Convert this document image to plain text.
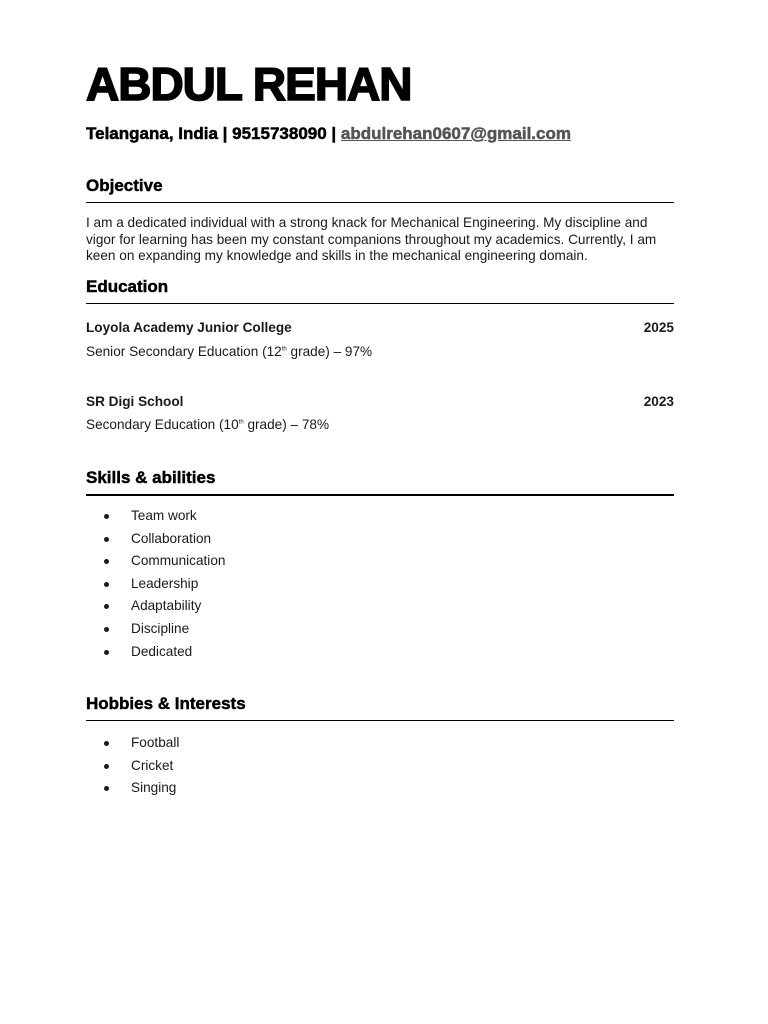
ABDUL REHAN
Telangana, India | 9515738090 | abdulrehan0607@gmail.com
Objective
I am a dedicated individual with a strong knack for Mechanical Engineering. My discipline and vigor for learning has been my constant companions throughout my academics. Currently, I am keen on expanding my knowledge and skills in the mechanical engineering domain.
Education
Loyola Academy Junior College	2025
Senior Secondary Education (12th grade) – 97%
SR Digi School	2023
Secondary Education (10th grade) – 78%
Skills & abilities
Team work
Collaboration
Communication
Leadership
Adaptability
Discipline
Dedicated
Hobbies & Interests
Football
Cricket
Singing
